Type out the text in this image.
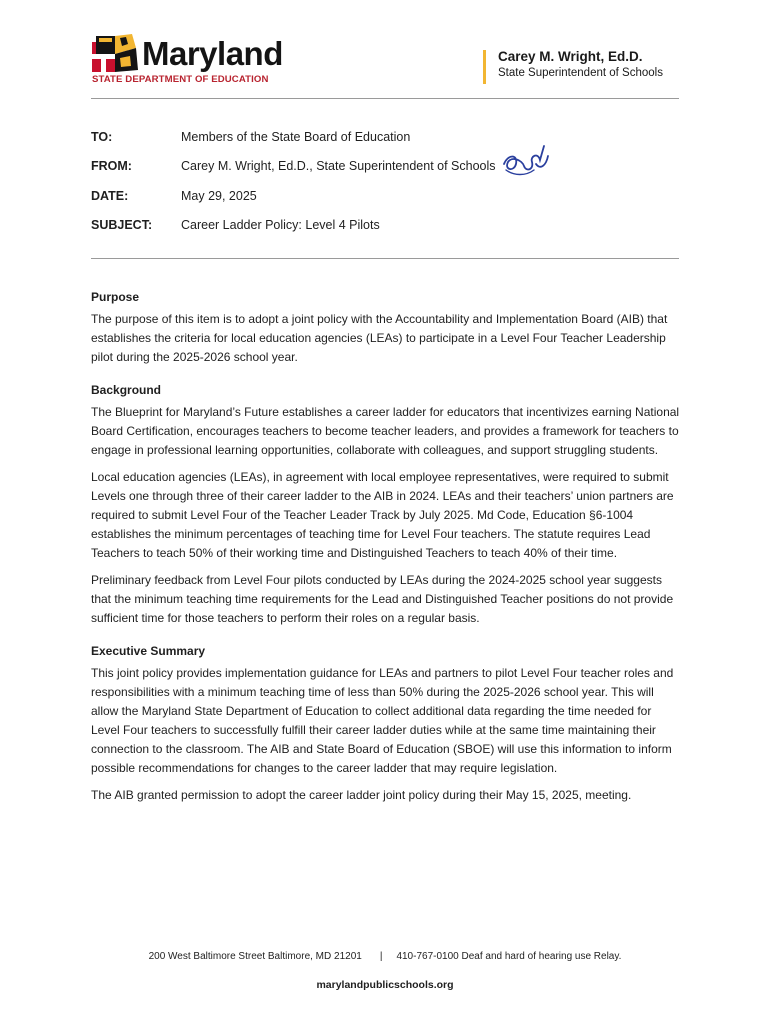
Maryland
STATE DEPARTMENT OF EDUCATION
Carey M. Wright, Ed.D.
State Superintendent of Schools
TO:	Members of the State Board of Education
FROM:	Carey M. Wright, Ed.D., State Superintendent of Schools
DATE:	May 29, 2025
SUBJECT: Career Ladder Policy: Level 4 Pilots
Purpose

The purpose of this item is to adopt a joint policy with the Accountability and Implementation Board (AIB) that establishes the criteria for local education agencies (LEAs) to participate in a Level Four Teacher Leadership pilot during the 2025-2026 school year.

Background

The Blueprint for Maryland’s Future establishes a career ladder for educators that incentivizes earning National Board Certification, encourages teachers to become teacher leaders, and provides a framework for teachers to engage in professional learning opportunities, collaborate with colleagues, and support struggling students.

Local education agencies (LEAs), in agreement with local employee representatives, were required to submit Levels one through three of their career ladder to the AIB in 2024. LEAs and their teachers’ union partners are required to submit Level Four of the Teacher Leader Track by July 2025. Md Code, Education §6-1004 establishes the minimum percentages of teaching time for Level Four teachers. The statute requires Lead Teachers to teach 50% of their working time and Distinguished Teachers to teach 40% of their time.

Preliminary feedback from Level Four pilots conducted by LEAs during the 2024-2025 school year suggests that the minimum teaching time requirements for the Lead and Distinguished Teacher positions do not provide sufficient time for those teachers to perform their roles on a regular basis.

Executive Summary

This joint policy provides implementation guidance for LEAs and partners to pilot Level Four teacher roles and responsibilities with a minimum teaching time of less than 50% during the 2025-2026 school year. This will allow the Maryland State Department of Education to collect additional data regarding the time needed for Level Four teachers to successfully fulfill their career ladder duties while at the same time maintaining their connection to the classroom. The AIB and State Board of Education (SBOE) will use this information to inform possible recommendations for changes to the career ladder that may require legislation.

The AIB granted permission to adopt the career ladder joint policy during their May 15, 2025, meeting.

200 West Baltimore Street Baltimore, MD 21201 | 410-767-0100 Deaf and hard of hearing use Relay.
marylandpublicschools.org
